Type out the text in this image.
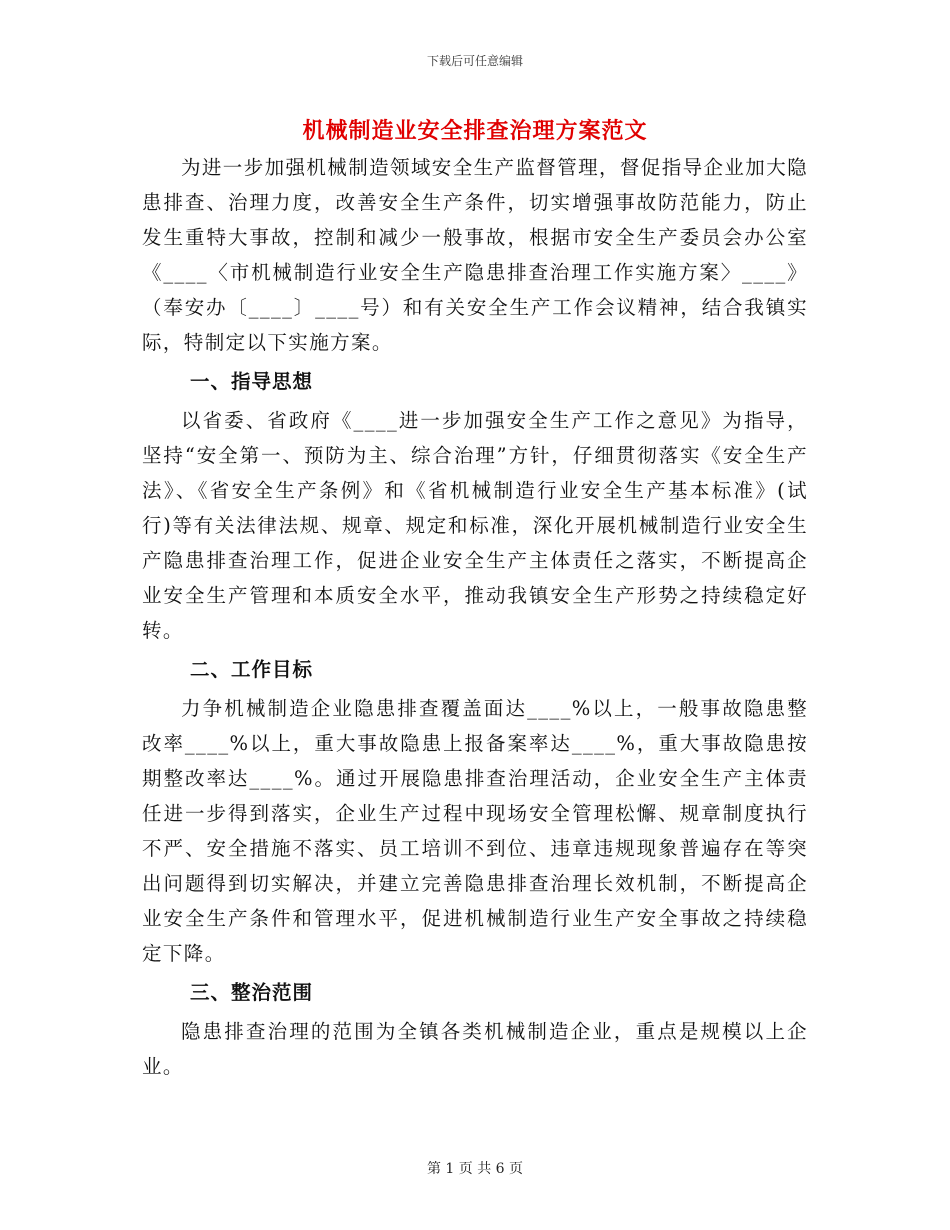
下载后可任意编辑
机械制造业安全排查治理方案范文

为进一步加强机械制造领域安全生产监督管理，督促指导企业加大隐患排查、治理力度，改善安全生产条件，切实增强事故防范能力，防止发生重特大事故，控制和减少一般事故，根据市安全生产委员会办公室《____〈市机械制造行业安全生产隐患排查治理工作实施方案〉____》（奉安办〔____〕____号）和有关安全生产工作会议精神，结合我镇实际，特制定以下实施方案。

一、指导思想

以省委、省政府《____进一步加强安全生产工作之意见》为指导，坚持“安全第一、预防为主、综合治理”方针，仔细贯彻落实《安全生产法》、《省安全生产条例》和《省机械制造行业安全生产基本标准》(试行)等有关法律法规、规章、规定和标准，深化开展机械制造行业安全生产隐患排查治理工作，促进企业安全生产主体责任之落实，不断提高企业安全生产管理和本质安全水平，推动我镇安全生产形势之持续稳定好转。

二、工作目标

力争机械制造企业隐患排查覆盖面达____%以上，一般事故隐患整改率____%以上，重大事故隐患上报备案率达____%，重大事故隐患按期整改率达____%。通过开展隐患排查治理活动，企业安全生产主体责任进一步得到落实，企业生产过程中现场安全管理松懈、规章制度执行不严、安全措施不落实、员工培训不到位、违章违规现象普遍存在等突出问题得到切实解决，并建立完善隐患排查治理长效机制，不断提高企业安全生产条件和管理水平，促进机械制造行业生产安全事故之持续稳定下降。

三、整治范围

隐患排查治理的范围为全镇各类机械制造企业，重点是规模以上企业。

第 1 页 共 6 页
